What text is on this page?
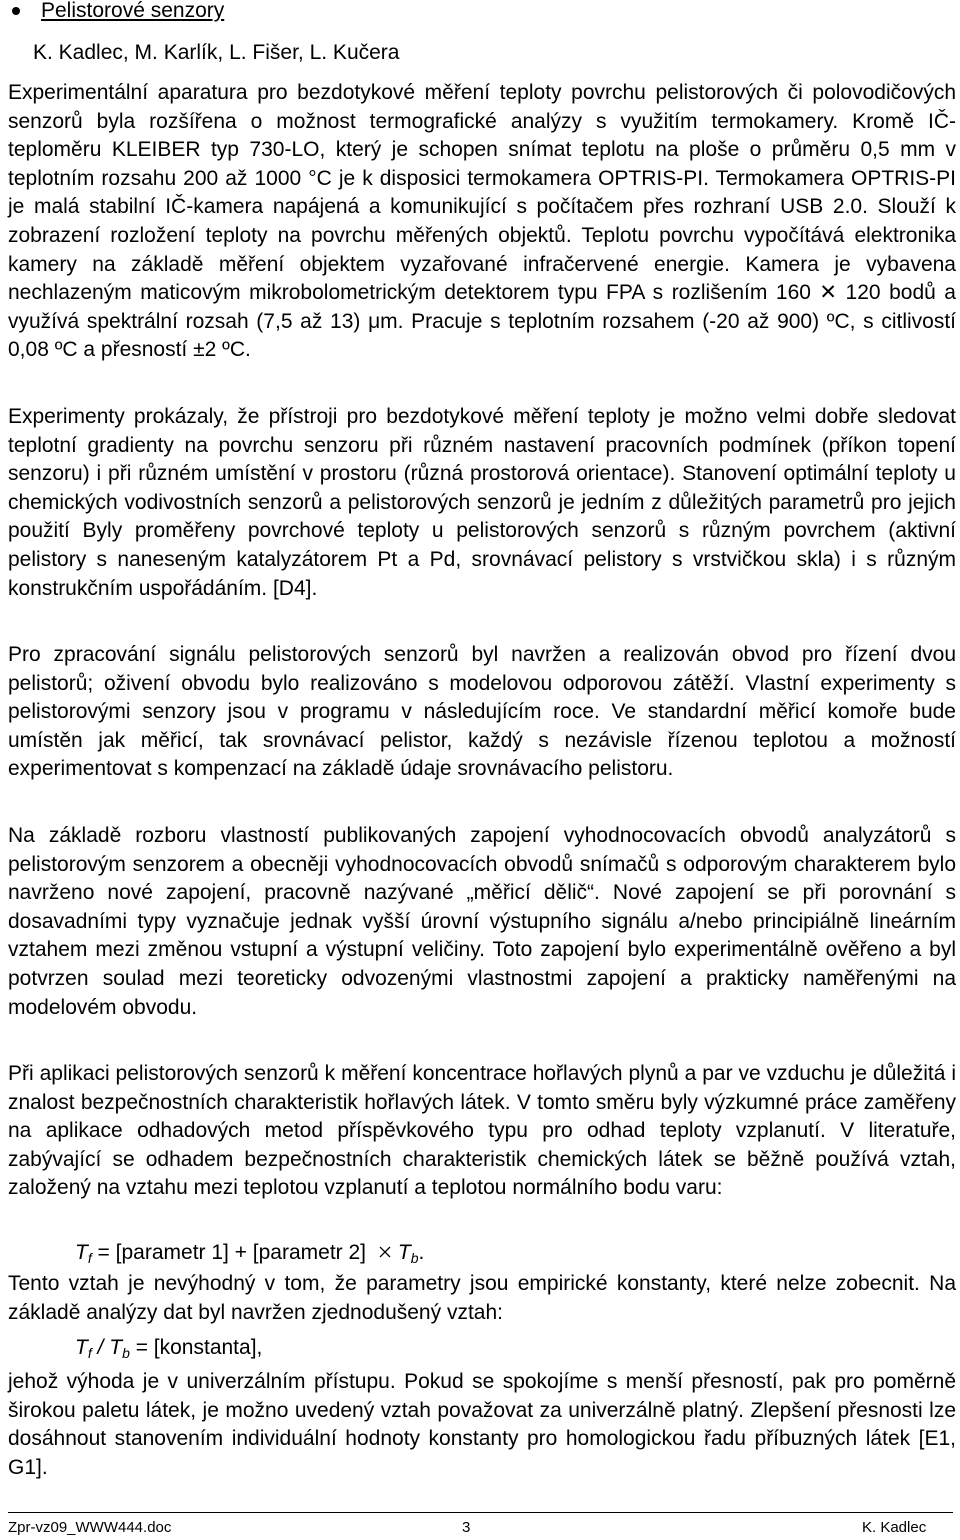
Pelistorové senzory
K. Kadlec, M. Karlík, L. Fišer, L. Kučera
Experimentální aparatura pro bezdotykové měření teploty povrchu pelistorových či polovodičových senzorů byla rozšířena o možnost termografické analýzy s využitím termokamery. Kromě IČ-teploměru KLEIBER typ 730-LO, který je schopen snímat teplotu na ploše o průměru 0,5 mm v teplotním rozsahu 200 až 1000 °C je k disposici termokamera OPTRIS-PI. Termokamera OPTRIS-PI je malá stabilní IČ-kamera napájená a komunikující s počítačem přes rozhraní USB 2.0. Slouží k zobrazení rozložení teploty na povrchu měřených objektů. Teplotu povrchu vypočítává elektronika kamery na základě měření objektem vyzařované infračervené energie. Kamera je vybavena nechlazeným maticovým mikrobolometrickým detektorem typu FPA s rozlišením 160 ✕ 120 bodů a využívá spektrální rozsah (7,5 až 13) μm. Pracuje s teplotním rozsahem (-20 až 900) ºC, s citlivostí 0,08 ºC a přesností ±2 ºC.
Experimenty prokázaly, že přístroji pro bezdotykové měření teploty je možno velmi dobře sledovat teplotní gradienty na povrchu senzoru při různém nastavení pracovních podmínek (příkon topení senzoru) i při různém umístění v prostoru (různá prostorová orientace). Stanovení optimální teploty u chemických vodivostních senzorů a pelistorových senzorů je jedním z důležitých parametrů pro jejich použití Byly proměřeny povrchové teploty u pelistorových senzorů s různým povrchem (aktivní pelistory s naneseným katalyzátorem Pt a Pd, srovnávací pelistory s vrstvičkou skla) i s různým konstrukčním uspořádáním. [D4].
Pro zpracování signálu pelistorových senzorů byl navržen a realizován obvod pro řízení dvou pelistorů; oživení obvodu bylo realizováno s modelovou odporovou zátěží. Vlastní experimenty s pelistorovými senzory jsou v programu v následujícím roce. Ve standardní měřicí komoře bude umístěn jak měřicí, tak srovnávací pelistor, každý s nezávisle řízenou teplotou a možností experimentovat s kompenzací na základě údaje srovnávacího pelistoru.
Na základě rozboru vlastností publikovaných zapojení vyhodnocovacích obvodů analyzátorů s pelistorovým senzorem a obecněji vyhodnocovacích obvodů snímačů s odporovým charakterem bylo navrženo nové zapojení, pracovně nazývané „měřicí dělič“. Nové zapojení se při porovnání s dosavadními typy vyznačuje jednak vyšší úrovní výstupního signálu a/nebo principiálně lineárním vztahem mezi změnou vstupní a výstupní veličiny. Toto zapojení bylo experimentálně ověřeno a byl potvrzen soulad mezi teoreticky odvozenými vlastnostmi zapojení a prakticky naměřenými na modelovém obvodu.
Při aplikaci pelistorových senzorů k měření koncentrace hořlavých plynů a par ve vzduchu je důležitá i znalost bezpečnostních charakteristik hořlavých látek. V tomto směru byly výzkumné práce zaměřeny na aplikace odhadových metod příspěvkového typu pro odhad teploty vzplanutí. V literatuře, zabývající se odhadem bezpečnostních charakteristik chemických látek se běžně používá vztah, založený na vztahu mezi teplotou vzplanutí a teplotou normálního bodu varu:
$T_f$ = [parametr 1] + [parametr 2] $T_b$.
Tento vztah je nevýhodný v tom, že parametry jsou empirické konstanty, které nelze zobecnit. Na základě analýzy dat byl navržen zjednodušený vztah:
$T_f / T_b$ = [konstanta],
jehož výhoda je v univerzálním přístupu. Pokud se spokojíme s menší přesností, pak pro poměrně širokou paletu látek, je možno uvedený vztah považovat za univerzálně platný. Zlepšení přesnosti lze dosáhnout stanovením individuální hodnoty konstanty pro homologickou řadu příbuzných látek [E1, G1].
Zpr-vz09_WWW444.doc	3	K. Kadlec
